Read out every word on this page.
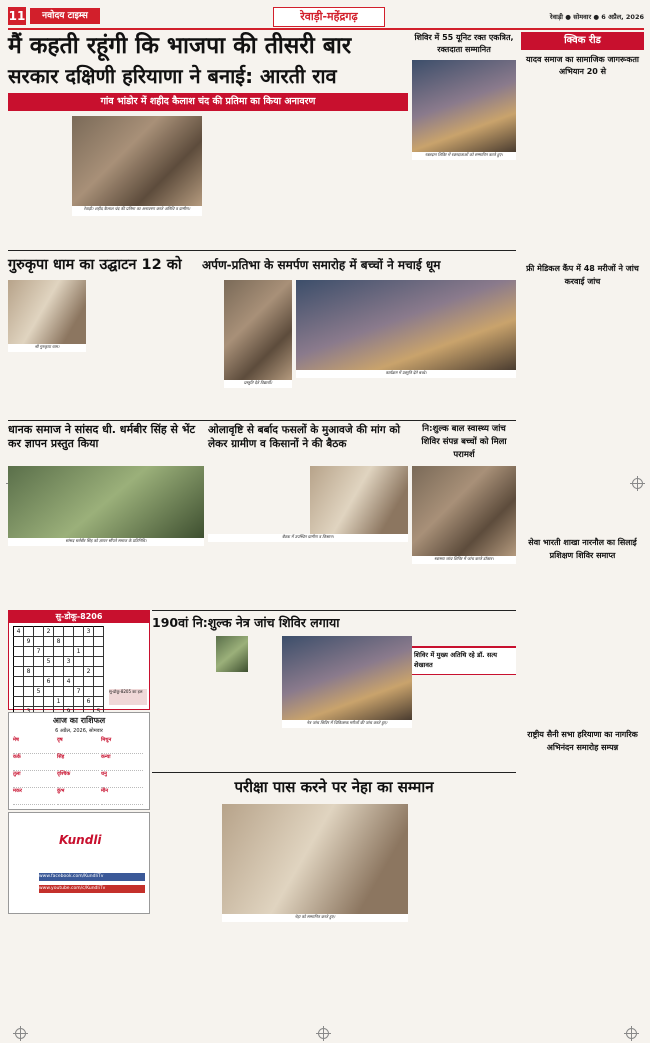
11	नवोदय टाइम्स	रेवाड़ी-महेंद्रगढ़	रेवाड़ी ● सोमवार ● 6 अप्रैल, 2026
मैं कहती रहूंगी कि भाजपा की तीसरी बार
सरकार दक्षिणी हरियाणा ने बनाई: आरती राव
गांव भांडोर में शहीद कैलाश चंद की प्रतिमा का किया अनावरण
रेवाड़ी। शहीद कैलाश चंद की प्रतिमा का अनावरण करते अतिथि व ग्रामीण।
शिविर में 55 यूनिट रक्त एकत्रित, रक्तदाता सम्मानित
रक्तदान शिविर में रक्तदाताओं को सम्मानित करते हुए।
क्विक रीड
यादव समाज का सामाजिक जागरूकता अभियान 20 से
फ्री मेडिकल कैंप में 48 मरीजों ने जांच करवाई जांच
सेवा भारती शाखा नारनौल का सिलाई प्रशिक्षण शिविर समाप्त
राष्ट्रीय सैनी सभा हरियाणा का नागरिक अभिनंदन समारोह सम्पन्न
गुरुकृपा धाम का उद्घाटन 12 को	अर्पण-प्रतिभा के समर्पण समारोह में बच्चों ने मचाई धूम
श्री गुरुकृपा धाम।
प्रस्तुति देते विद्यार्थी।
कार्यक्रम में प्रस्तुति देते बच्चे।
धानक समाज ने सांसद धी. धर्मबीर सिंह से भेंट कर ज्ञापन प्रस्तुत किया
सांसद धर्मबीर सिंह को ज्ञापन सौंपते समाज के प्रतिनिधि।
ओलावृष्टि से बर्बाद फसलों के मुआवजे की मांग को लेकर ग्रामीण व किसानों ने की बैठक
बैठक में उपस्थित ग्रामीण व किसान।
नि:शुल्क बाल स्वास्थ्य जांच शिविर संपन्न बच्चों को मिला परामर्श
स्वास्थ्य जांच शिविर में जांच करते डॉक्टर।
सु-डोकू-8206
4			2				3	
	9			8				
		7				1		
			5		3			
	8						2	
			6		4			
		5				7		
				1			6	

सु-डोकू-8205 का हल
190वां नि:शुल्क नेत्र जांच शिविर लगाया
नेत्र जांच शिविर में चिकित्सक मरीजों की जांच करते हुए।
शिविर में मुख्य अतिथि रहे डॉ. सत्य शेखावत
आज का राशिफल
6 अप्रैल, 2026, सोमवार
मेष	वृष	मिथुन
कर्क	सिंह	कन्या
तुला	वृश्चिक	धनु
मकर	कुंभ	मीन
Kundli
www.facebook.com/KundliTv
www.youtube.com/c/KundliTv
परीक्षा पास करने पर नेहा का सम्मान
नेहा को सम्मानित करते हुए।
